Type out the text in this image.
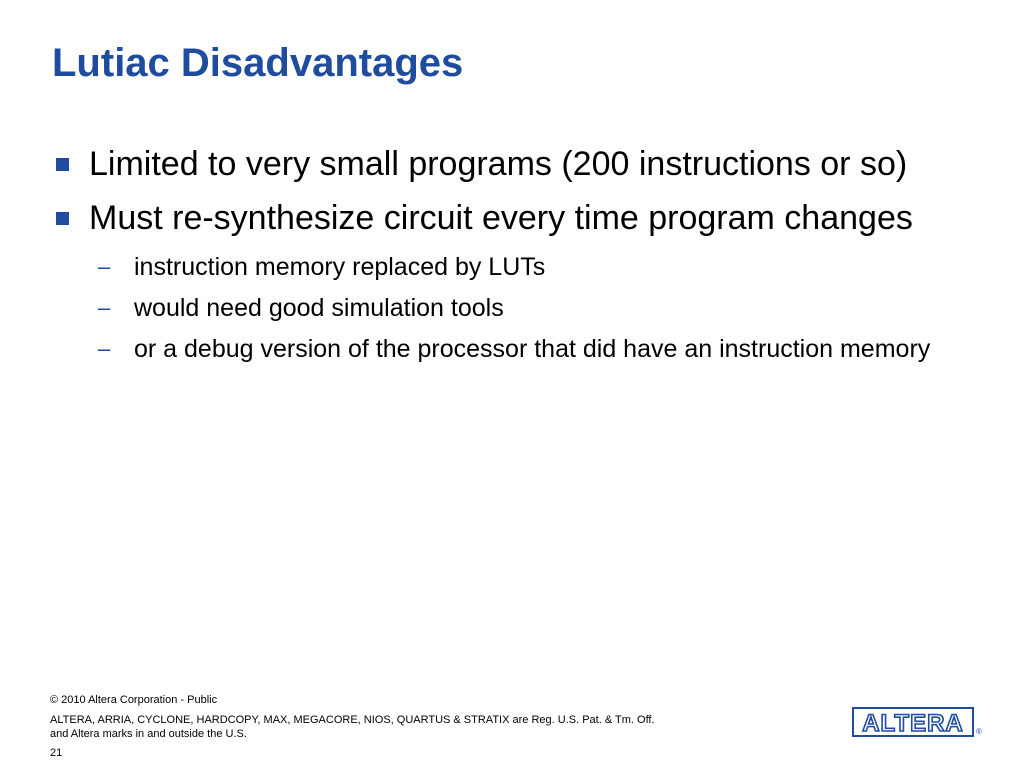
Lutiac Disadvantages
Limited to very small programs (200 instructions or so)
Must re-synthesize circuit every time program changes
– instruction memory replaced by LUTs
– would need good simulation tools
– or a debug version of the processor that did have an instruction memory
© 2010 Altera Corporation - Public
ALTERA, ARRIA, CYCLONE, HARDCOPY, MAX, MEGACORE, NIOS, QUARTUS & STRATIX are Reg. U.S. Pat. & Tm. Off.
and Altera marks in and outside the U.S.
21
ALTERA ®
